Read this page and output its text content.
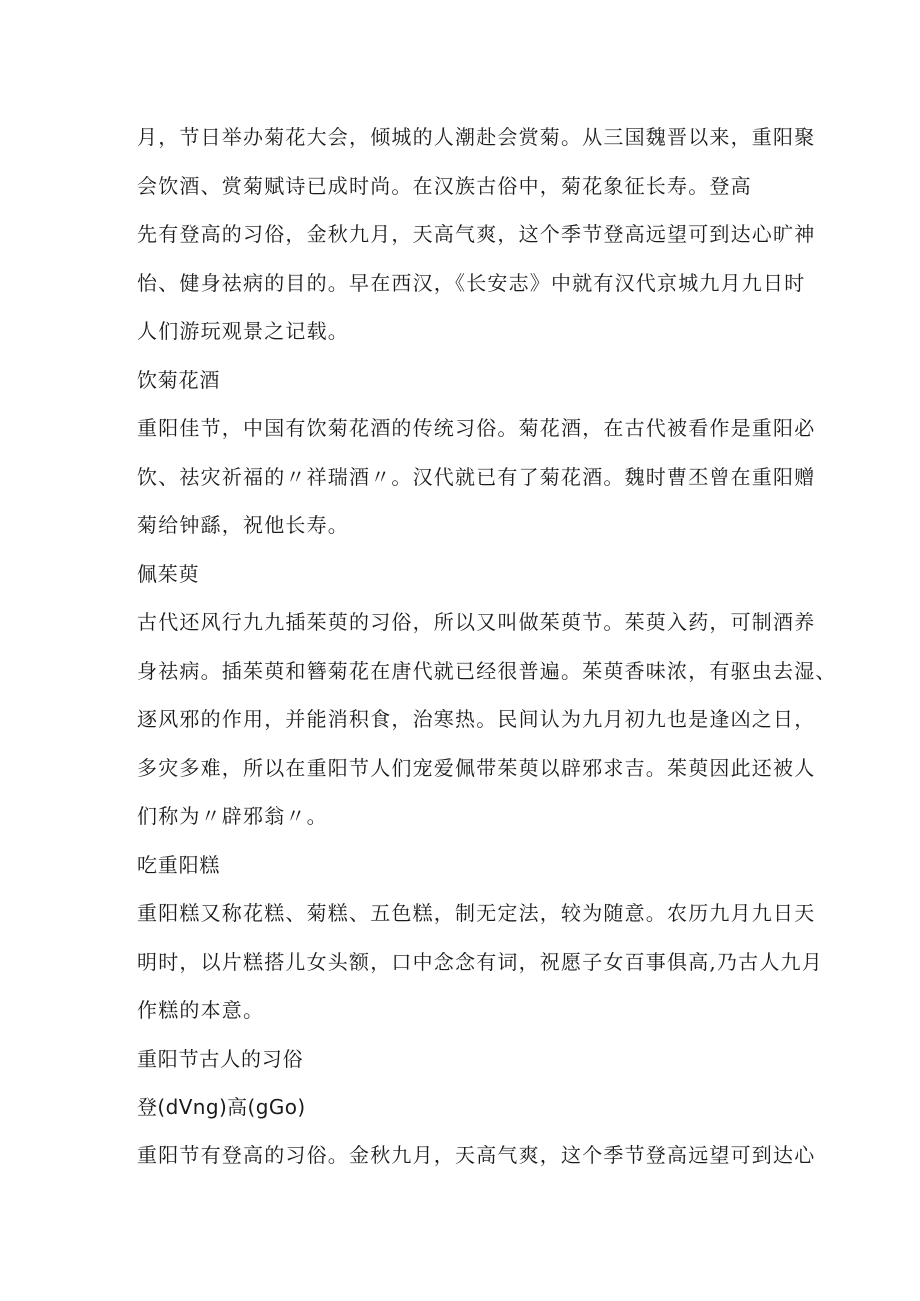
月，节日举办菊花大会，倾城的人潮赴会赏菊。从三国魏晋以来，重阳聚
会饮酒、赏菊赋诗已成时尚。在汉族古俗中，菊花象征长寿。登高
先有登高的习俗，金秋九月，天高气爽，这个季节登高远望可到达心旷神
怡、健身祛病的目的。早在西汉，《长安志》中就有汉代京城九月九日时
人们游玩观景之记载。
饮菊花酒
重阳佳节，中国有饮菊花酒的传统习俗。菊花酒，在古代被看作是重阳必
饮、祛灾祈福的〃祥瑞酒〃。汉代就已有了菊花酒。魏时曹丕曾在重阳赠
菊给钟繇，祝他长寿。
佩茱萸
古代还风行九九插茱萸的习俗，所以又叫做茱萸节。茱萸入药，可制酒养
身祛病。插茱萸和簪菊花在唐代就已经很普遍。茱萸香味浓，有驱虫去湿、
逐风邪的作用，并能消积食，治寒热。民间认为九月初九也是逢凶之日，
多灾多难，所以在重阳节人们宠爱佩带茱萸以辟邪求吉。茱萸因此还被人
们称为〃辟邪翁〃。
吃重阳糕
重阳糕又称花糕、菊糕、五色糕，制无定法，较为随意。农历九月九日天
明时，以片糕搭儿女头额，口中念念有词，祝愿子女百事俱高,乃古人九月
作糕的本意。
重阳节古人的习俗
登(dVng)高(gGo)
重阳节有登高的习俗。金秋九月，天高气爽，这个季节登高远望可到达心
